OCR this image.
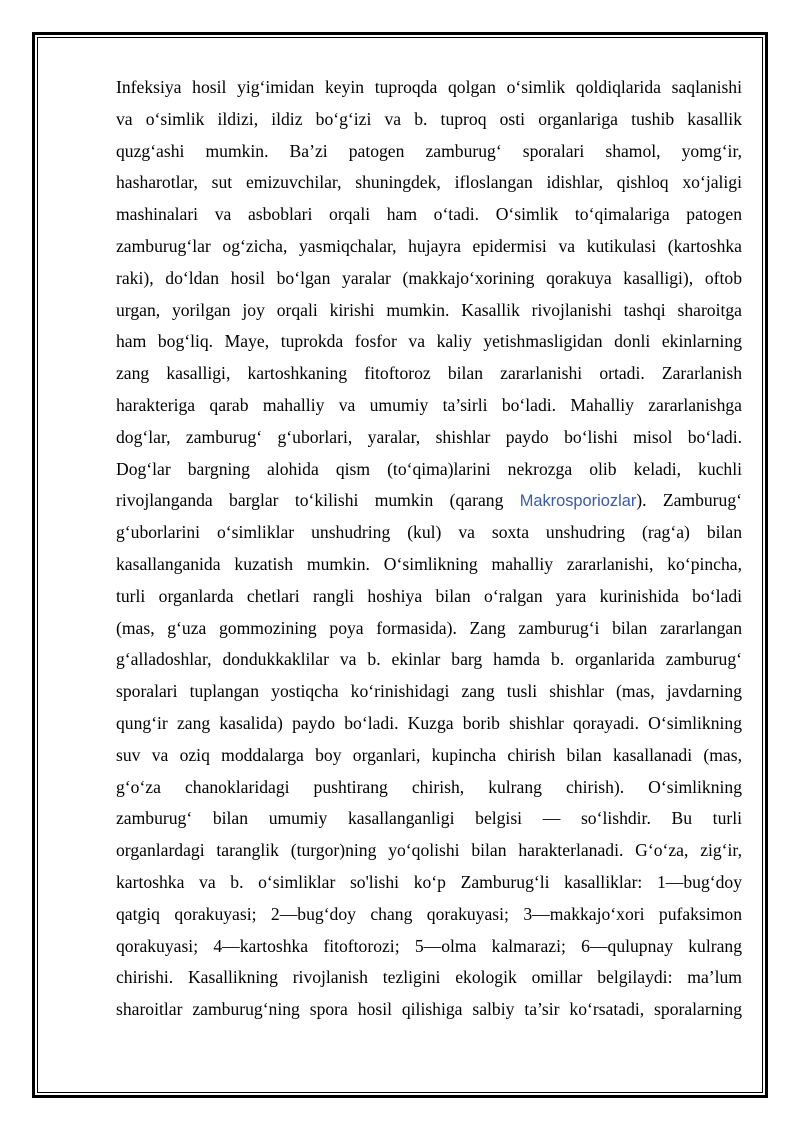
Infeksiya hosil yig‘imidan keyin tuproqda qolgan o‘simlik qoldiqlarida saqlanishi
va o‘simlik ildizi, ildiz bo‘g‘izi va b. tuproq osti organlariga tushib kasallik
quzg‘ashi mumkin. Ba’zi patogen zamburug‘ sporalari shamol, yomg‘ir,
hasharotlar, sut emizuvchilar, shuningdek, ifloslangan idishlar, qishloq xo‘jaligi
mashinalari va asboblari orqali ham o‘tadi. O‘simlik to‘qimalariga patogen
zamburug‘lar og‘zicha, yasmiqchalar, hujayra epidermisi va kutikulasi (kartoshka
raki), do‘ldan hosil bo‘lgan yaralar (makkajo‘xorining qorakuya kasalligi), oftob
urgan, yorilgan joy orqali kirishi mumkin. Kasallik rivojlanishi tashqi sharoitga
ham bog‘liq. Maye, tuprokda fosfor va kaliy yetishmasligidan donli ekinlarning
zang kasalligi, kartoshkaning fitoftoroz bilan zararlanishi ortadi. Zararlanish
harakteriga qarab mahalliy va umumiy ta’sirli bo‘ladi. Mahalliy zararlanishga
dog‘lar, zamburug‘ g‘uborlari, yaralar, shishlar paydo bo‘lishi misol bo‘ladi.
Dog‘lar bargning alohida qism (to‘qima)larini nekrozga olib keladi, kuchli
rivojlanganda barglar to‘kilishi mumkin (qarang Makrosporiozlar). Zamburug‘
g‘uborlarini o‘simliklar unshudring (kul) va soxta unshudring (rag‘a) bilan
kasallanganida kuzatish mumkin. O‘simlikning mahalliy zararlanishi, ko‘pincha,
turli organlarda chetlari rangli hoshiya bilan o‘ralgan yara kurinishida bo‘ladi
(mas, g‘uza gommozining poya formasida). Zang zamburug‘i bilan zararlangan
g‘alladoshlar, dondukkaklilar va b. ekinlar barg hamda b. organlarida zamburug‘
sporalari tuplangan yostiqcha ko‘rinishidagi zang tusli shishlar (mas, javdarning
qung‘ir zang kasalida) paydo bo‘ladi. Kuzga borib shishlar qorayadi. O‘simlikning
suv va oziq moddalarga boy organlari, kupincha chirish bilan kasallanadi (mas,
g‘o‘za chanoklaridagi pushtirang chirish, kulrang chirish). O‘simlikning
zamburug‘ bilan umumiy kasallanganligi belgisi — so‘lishdir. Bu turli
organlardagi taranglik (turgor)ning yo‘qolishi bilan harakterlanadi. G‘o‘za, zig‘ir,
kartoshka va b. o‘simliklar so'lishi ko‘p Zamburug‘li kasalliklar: 1—bug‘doy
qatgiq qorakuyasi; 2—bug‘doy chang qorakuyasi; 3—makkajo‘xori pufaksimon
qorakuyasi; 4—kartoshka fitoftorozi; 5—olma kalmarazi; 6—qulupnay kulrang
chirishi. Kasallikning rivojlanish tezligini ekologik omillar belgilaydi: ma’lum
sharoitlar zamburug‘ning spora hosil qilishiga salbiy ta’sir ko‘rsatadi, sporalarning
